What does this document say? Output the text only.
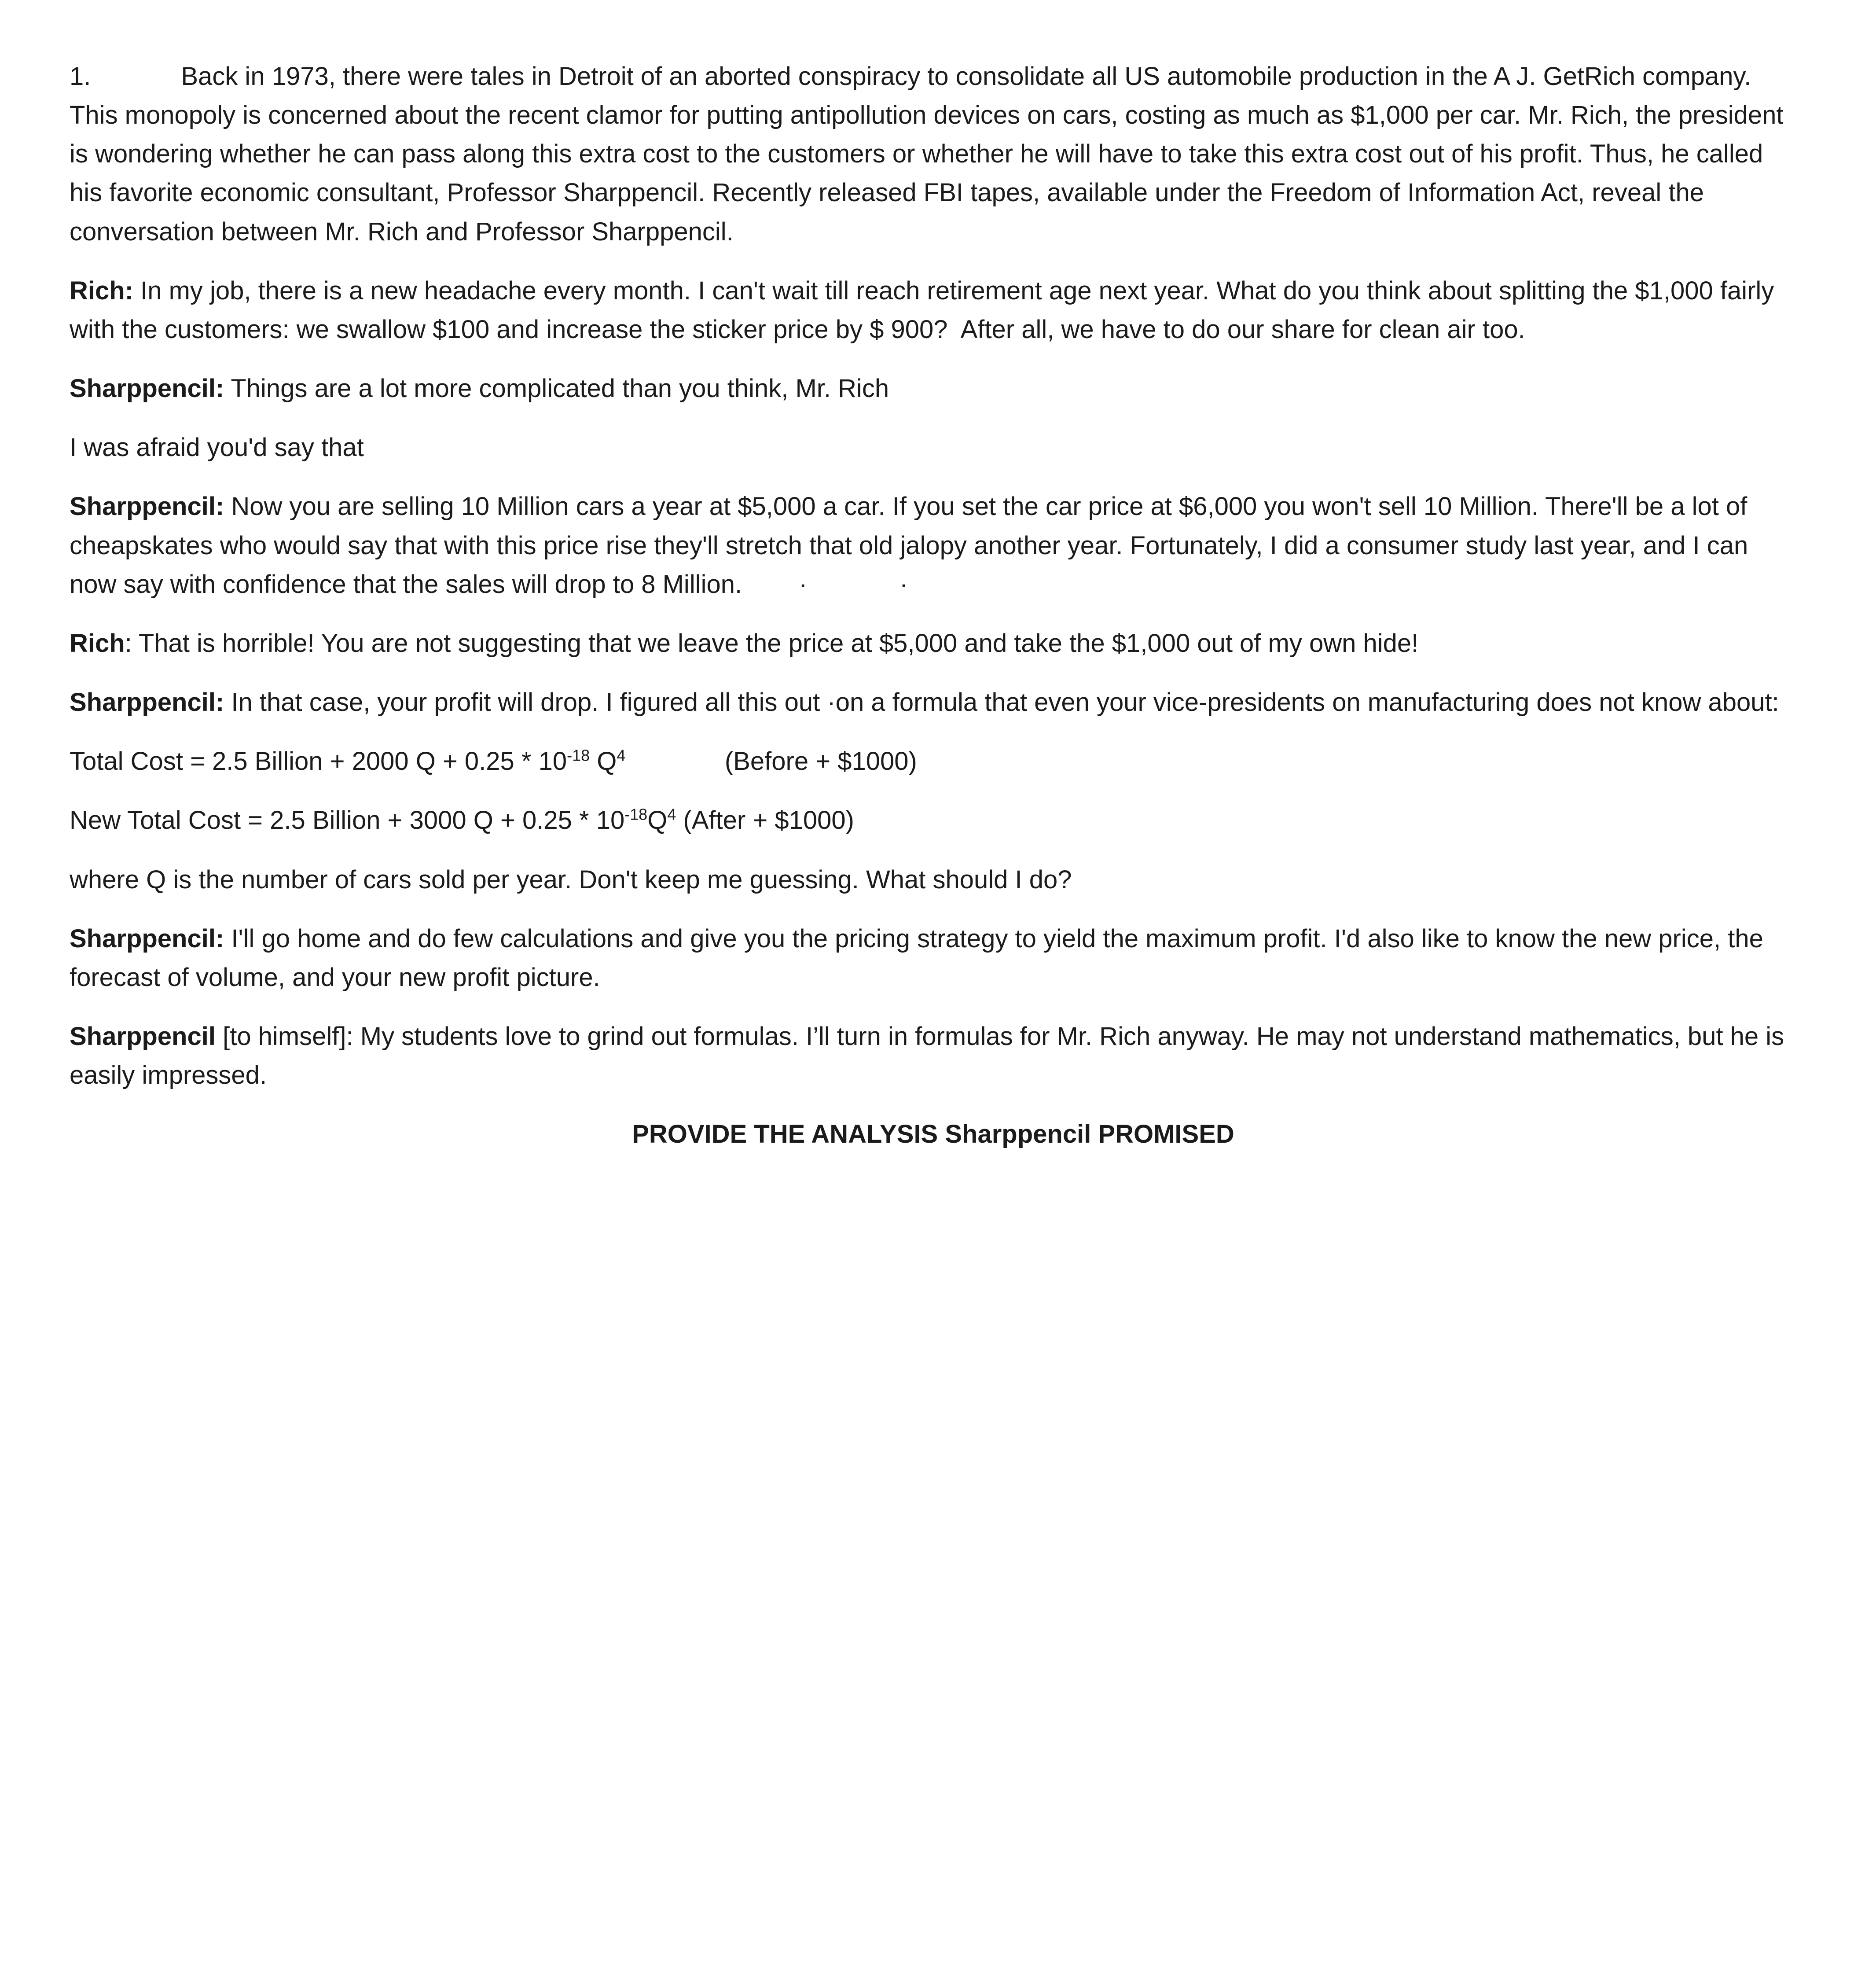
1.	Back in 1973, there were tales in Detroit of an aborted conspiracy to consolidate all US automobile production in the A J. GetRich company. This monopoly is concerned about the recent clamor for putting antipollution devices on cars, costing as much as $1,000 per car. Mr. Rich, the president is wondering whether he can pass along this extra cost to the customers or whether he will have to take this extra cost out of his profit. Thus, he called his favorite economic consultant, Professor Sharppencil. Recently released FBI tapes, available under the Freedom of Information Act, reveal the conversation between Mr. Rich and Professor Sharppencil.

Rich: In my job, there is a new headache every month. I can't wait till reach retirement age next year. What do you think about splitting the $1,000 fairly with the customers: we swallow $100 and increase the sticker price by $ 900?  After all, we have to do our share for clean air too.

Sharppencil: Things are a lot more complicated than you think, Mr. Rich

I was afraid you'd say that

Sharppencil: Now you are selling 10 Million cars a year at $5,000 a car. If you set the car price at $6,000 you won't sell 10 Million. There'll be a lot of cheapskates who would say that with this price rise they'll stretch that old jalopy another year. Fortunately, I did a consumer study last year, and I can now say with confidence that the sales will drop to 8 Million.        ·             ·

Rich: That is horrible! You are not suggesting that we leave the price at $5,000 and take the $1,000 out of my own hide!

Sharppencil: In that case, your profit will drop. I figured all this out ·on a formula that even your vice-presidents on manufacturing does not know about:

Total Cost = 2.5 Billion + 2000 $Q + 0.25 * 10^{-18}$ $Q^4$              (Before + $1000)

New Total Cost = 2.5 Billion + 3000 $Q + 0.25 * 10^{-18}Q^4$ (After + $1000)

where Q is the number of cars sold per year. Don't keep me guessing. What should I do?

Sharppencil: I'll go home and do few calculations and give you the pricing strategy to yield the maximum profit. I'd also like to know the new price, the forecast of volume, and your new profit picture.

Sharppencil [to himself]: My students love to grind out formulas. I’ll turn in formulas for Mr. Rich anyway. He may not understand mathematics, but he is easily impressed.

PROVIDE THE ANALYSIS Sharppencil PROMISED
